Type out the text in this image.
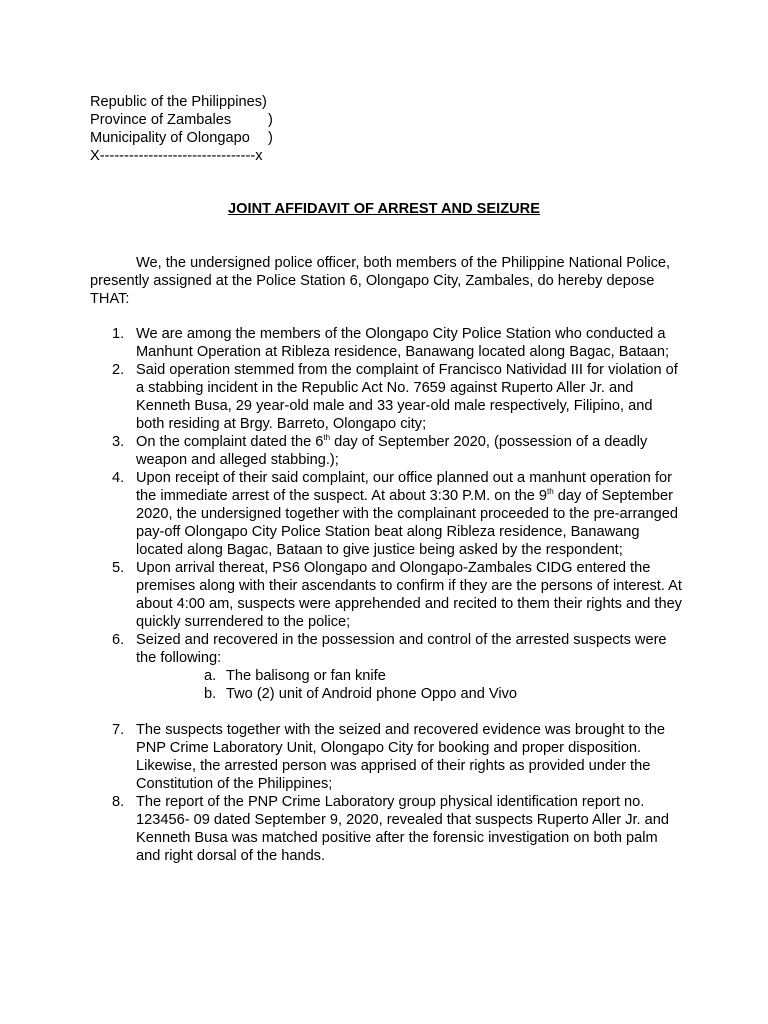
Republic of the Philippines)
Province of Zambales	)
Municipality of Olongapo )
X--------------------------------x
JOINT AFFIDAVIT OF ARREST AND SEIZURE
We, the undersigned police officer, both members of the Philippine National Police, presently assigned at the Police Station 6, Olongapo City, Zambales, do hereby depose THAT:
1. We are among the members of the Olongapo City Police Station who conducted a Manhunt Operation at Ribleza residence, Banawang located along Bagac, Bataan;
2. Said operation stemmed from the complaint of Francisco Natividad III for violation of a stabbing incident in the Republic Act No. 7659 against Ruperto Aller Jr. and Kenneth Busa, 29 year-old male and 33 year-old male respectively, Filipino, and both residing at Brgy. Barreto, Olongapo city;
3. On the complaint dated the 6th day of September 2020, (possession of a deadly weapon and alleged stabbing.);
4. Upon receipt of their said complaint, our office planned out a manhunt operation for the immediate arrest of the suspect. At about 3:30 P.M. on the 9th day of September 2020, the undersigned together with the complainant proceeded to the pre-arranged pay-off Olongapo City Police Station beat along Ribleza residence, Banawang located along Bagac, Bataan to give justice being asked by the respondent;
5. Upon arrival thereat, PS6 Olongapo and Olongapo-Zambales CIDG entered the premises along with their ascendants to confirm if they are the persons of interest. At about 4:00 am, suspects were apprehended and recited to them their rights and they quickly surrendered to the police;
6. Seized and recovered in the possession and control of the arrested suspects were the following:
a. The balisong or fan knife
b. Two (2) unit of Android phone Oppo and Vivo
7. The suspects together with the seized and recovered evidence was brought to the PNP Crime Laboratory Unit, Olongapo City for booking and proper disposition. Likewise, the arrested person was apprised of their rights as provided under the Constitution of the Philippines;
8. The report of the PNP Crime Laboratory group physical identification report no. 123456- 09 dated September 9, 2020, revealed that suspects Ruperto Aller Jr. and Kenneth Busa was matched positive after the forensic investigation on both palm and right dorsal of the hands.
